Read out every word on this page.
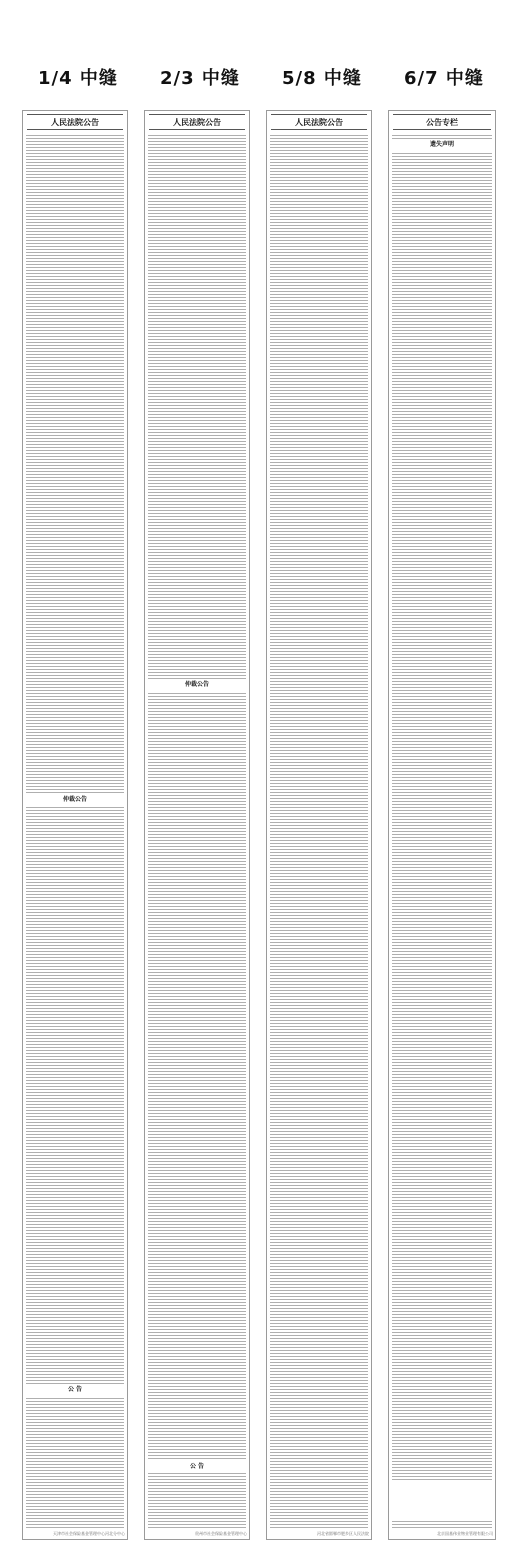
1/4 中缝 2/3 中缝 5/8 中缝 6/7 中缝
人民法院公告
仲裁公告
公 告
天津市社会保险基金管理中心河北分中心
人民法院公告
仲裁公告
公 告
贵州市社会保险基金管理中心
人民法院公告
河北省邯郸市肥乡区人民法院
公告专栏
遗失声明
北京国基伟业物业管理有限公司
